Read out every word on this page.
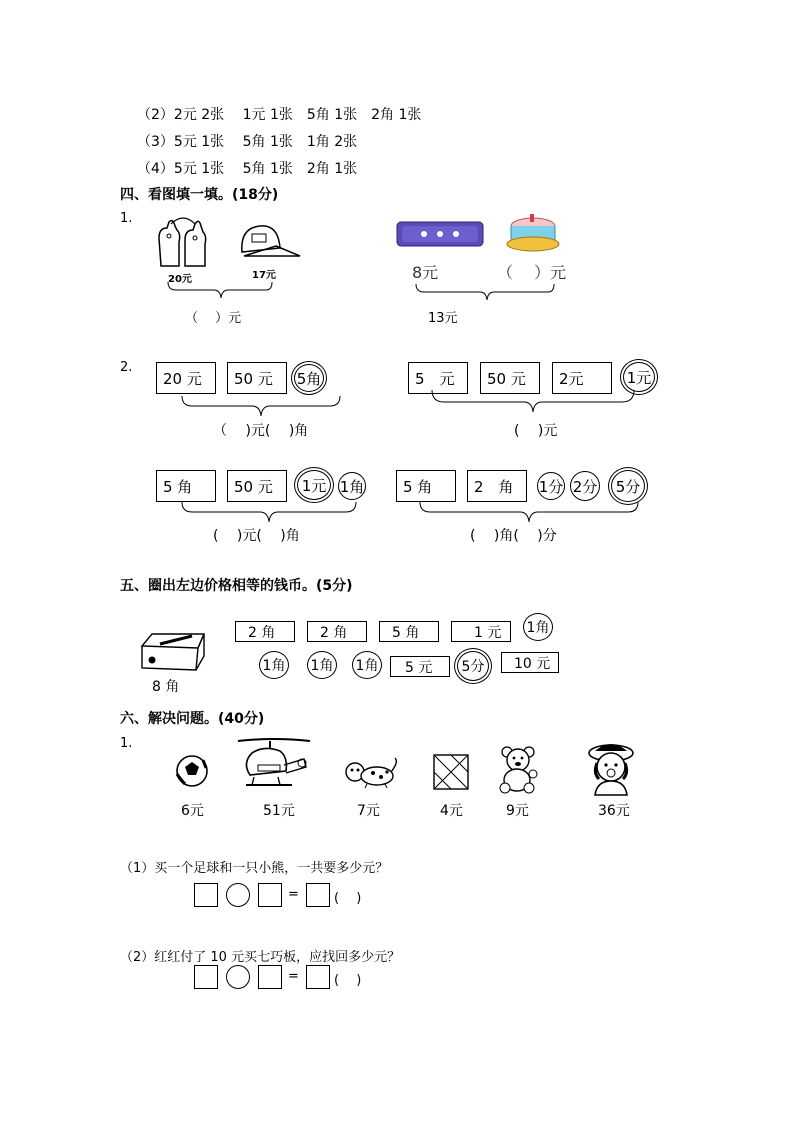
（2）2元 2张　 1元 1张　5角 1张　2角 1张
（3）5元 1张　 5角 1张　1角 2张
（4）5元 1张　 5角 1张　2角 1张
四、看图填一填。(18分)
1.
20元	17元
（　 ）元
8元	（　 ）元
13元
2.
20 元	50 元	5角
（　 )元(　 )角
5　元	50 元	2元	1元
(　 )元
5 角	50 元	1元 1角
(　 )元(　 )角
5 角	2　角	1分 2分	5分
(　 )角(　 )分
五、圈出左边价格相等的钱币。(5分)
8 角
2 角	2 角	5 角	1 元	1角
1角 1角 1角	5 元	5分	10 元
六、解决问题。(40分)
1.
6元	51元	7元	4元	9元	36元
（1）买一个足球和一只小熊，一共要多少元？
=	(　 )
（2）红红付了 10 元买七巧板，应找回多少元？
=	(　 )
